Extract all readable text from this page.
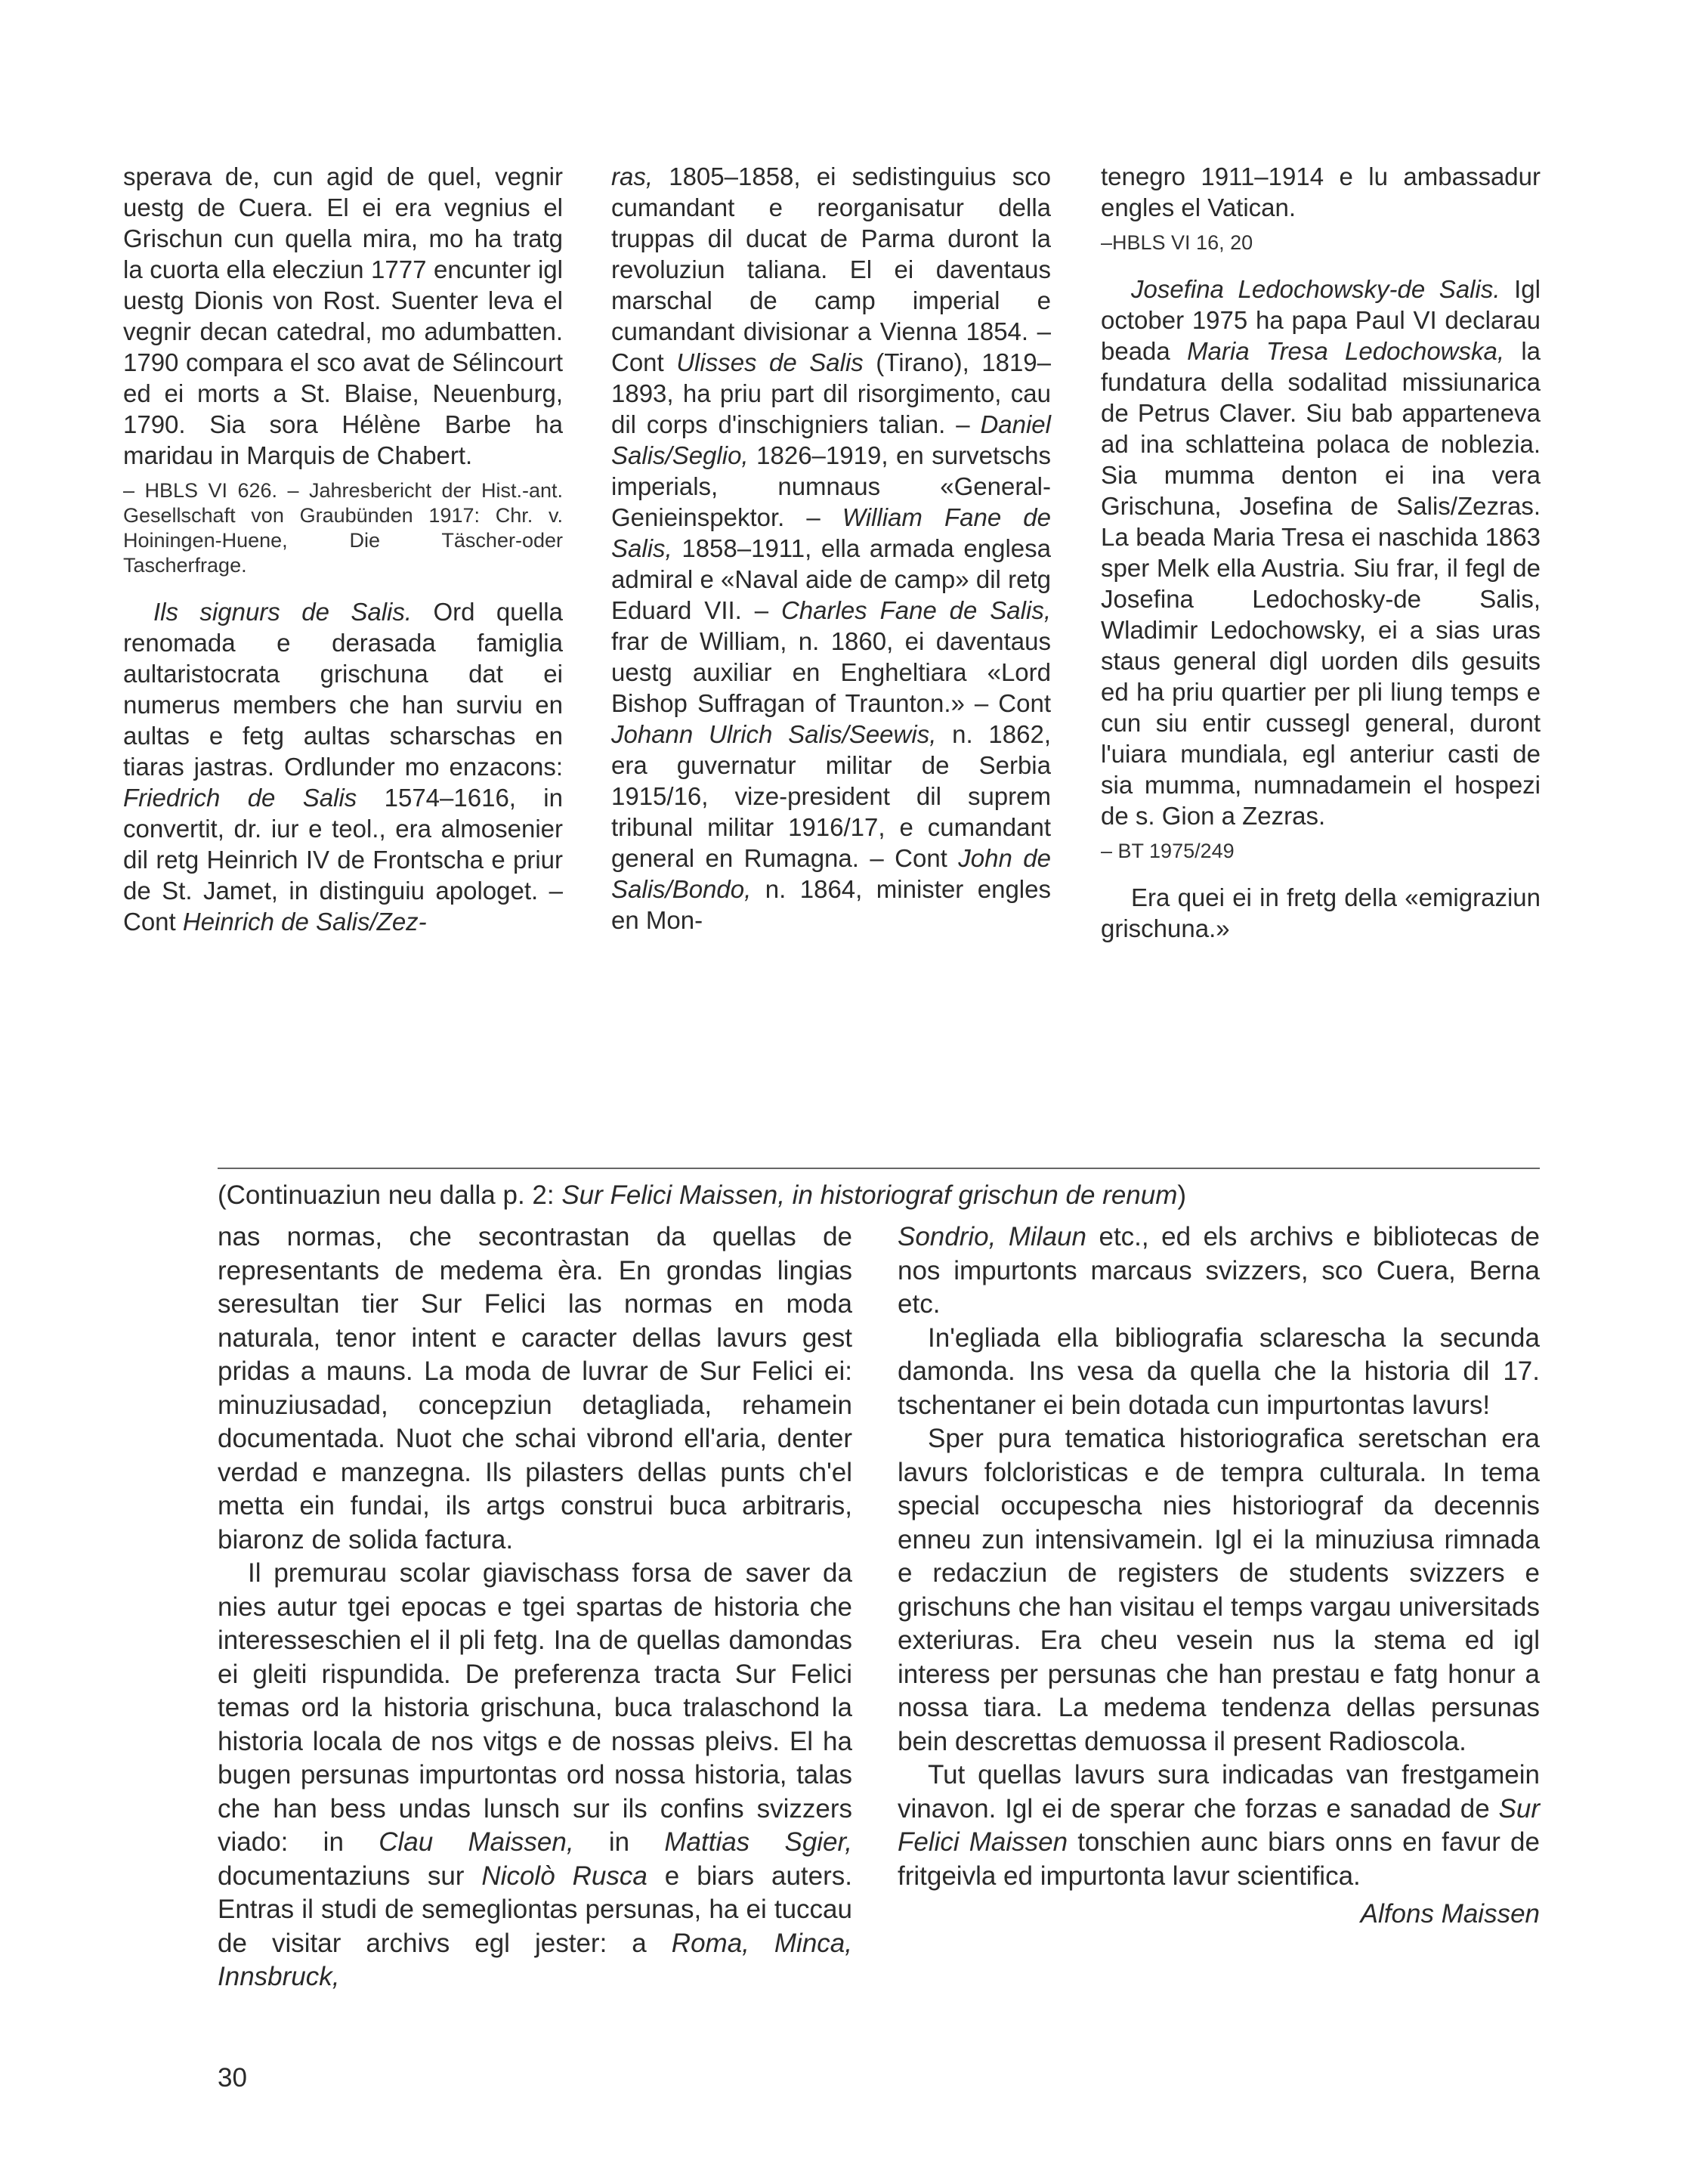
sperava de, cun agid de quel, vegnir uestg de Cuera. El ei era vegnius el Grischun cun quella mira, mo ha tratg la cuorta ella elecziun 1777 encunter igl uestg Dionis von Rost. Suenter leva el vegnir decan catedral, mo adumbatten. 1790 compara el sco avat de Sélincourt ed ei morts a St. Blaise, Neuenburg, 1790. Sia sora Hélène Barbe ha maridau in Marquis de Chabert.

– HBLS VI 626. – Jahresbericht der Hist.-ant. Gesellschaft von Graubünden 1917: Chr. v. Hoiningen-Huene, Die Täscher-oder Tascherfrage.

Ils signurs de Salis. Ord quella renomada e derasada famiglia aultaristocrata grischuna dat ei numerus members che han surviu en aultas e fetg aultas scharschas en tiaras jastras. Ordlunder mo enzacons: Friedrich de Salis 1574–1616, in convertit, dr. iur e teol., era almosenier dil retg Heinrich IV de Frontscha e priur de St. Jamet, in distinguiu apologet. – Cont Heinrich de Salis/Zez-

ras, 1805–1858, ei sedistinguius sco cumandant e reorganisatur della truppas dil ducat de Parma duront la revoluziun taliana. El ei daventaus marschal de camp imperial e cumandant divisionar a Vienna 1854. – Cont Ulisses de Salis (Tirano), 1819–1893, ha priu part dil risorgimento, cau dil corps d'inschigniers talian. – Daniel Salis/Seglio, 1826–1919, en survetschs imperials, numnaus «General-Genieinspektor. – William Fane de Salis, 1858–1911, ella armada englesa admiral e «Naval aide de camp» dil retg Eduard VII. – Charles Fane de Salis, frar de William, n. 1860, ei daventaus uestg auxiliar en Engheltiara «Lord Bishop Suffragan of Traunton.» – Cont Johann Ulrich Salis/Seewis, n. 1862, era guvernatur militar de Serbia 1915/16, vize-president dil suprem tribunal militar 1916/17, e cumandant general en Rumagna. – Cont John de Salis/Bondo, n. 1864, minister engles en Mon-

tenegro 1911–1914 e lu ambassadur engles el Vatican.

–HBLS VI 16, 20

Josefina Ledochowsky-de Salis. Igl october 1975 ha papa Paul VI declarau beada Maria Tresa Ledochowska, la fundatura della sodalitad missiunarica de Petrus Claver. Siu bab apparteneva ad ina schlatteina polaca de noblezia. Sia mumma denton ei ina vera Grischuna, Josefina de Salis/Zezras. La beada Maria Tresa ei naschida 1863 sper Melk ella Austria. Siu frar, il fegl de Josefina Ledochosky-de Salis, Wladimir Ledochowsky, ei a sias uras staus general digl uorden dils gesuits ed ha priu quartier per pli liung temps e cun siu entir cussegl general, duront l'uiara mundiala, egl anteriur casti de sia mumma, numnadamein el hospezi de s. Gion a Zezras.

– BT 1975/249

Era quei ei in fretg della «emigraziun grischuna.»

(Continuaziun neu dalla p. 2: Sur Felici Maissen, in historiograf grischun de renum)

nas normas, che secontrastan da quellas de representants de medema èra. En grondas lingias seresultan tier Sur Felici las normas en moda naturala, tenor intent e caracter dellas lavurs gest pridas a mauns. La moda de luvrar de Sur Felici ei: minuziusadad, concepziun detagliada, rehamein documentada. Nuot che schai vibrond ell'aria, denter verdad e manzegna. Ils pilasters dellas punts ch'el metta ein fundai, ils artgs construi buca arbitraris, biaronz de solida factura.

Il premurau scolar giavischass forsa de saver da nies autur tgei epocas e tgei spartas de historia che interesseschien el il pli fetg. Ina de quellas damondas ei gleiti rispundida. De preferenza tracta Sur Felici temas ord la historia grischuna, buca tralaschond la historia locala de nos vitgs e de nossas pleivs. El ha bugen persunas impurtontas ord nossa historia, talas che han bess undas lunsch sur ils confins svizzers viado: in Clau Maissen, in Mattias Sgier, documentaziuns sur Nicolò Rusca e biars auters. Entras il studi de semegliontas persunas, ha ei tuccau de visitar archivs egl jester: a Roma, Minca, Innsbruck,

Sondrio, Milaun etc., ed els archivs e bibliotecas de nos impurtonts marcaus svizzers, sco Cuera, Berna etc.

In'egliada ella bibliografia sclarescha la secunda damonda. Ins vesa da quella che la historia dil 17. tschentaner ei bein dotada cun impurtontas lavurs!

Sper pura tematica historiografica seretschan era lavurs folcloristicas e de tempra culturala. In tema special occupescha nies historiograf da decennis enneu zun intensivamein. Igl ei la minuziusa rimnada e redacziun de registers de students svizzers e grischuns che han visitau el temps vargau universitads exteriuras. Era cheu vesein nus la stema ed igl interess per persunas che han prestau e fatg honur a nossa tiara. La medema tendenza dellas persunas bein descrettas demuossa il present Radioscola.

Tut quellas lavurs sura indicadas van frestgamein vinavon. Igl ei de sperar che forzas e sanadad de Sur Felici Maissen tonschien aunc biars onns en favur de fritgeivla ed impurtonta lavur scientifica.

Alfons Maissen

30
